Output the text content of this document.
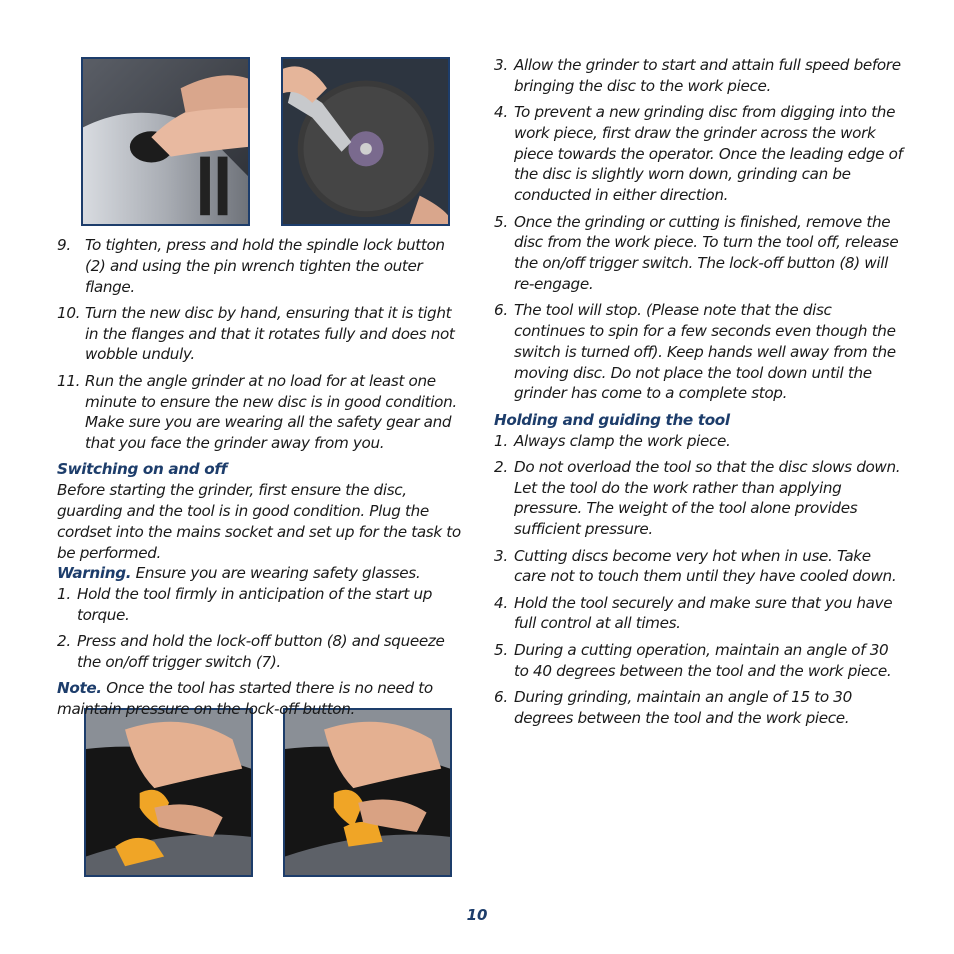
9. To tighten, press and hold the spindle lock button (2) and using the pin wrench tighten the outer flange.

10. Turn the new disc by hand, ensuring that it is tight in the flanges and that it rotates fully and does not wobble unduly.

11. Run the angle grinder at no load for at least one minute to ensure the new disc is in good condition. Make sure you are wearing all the safety gear and that you face the grinder away from you.

Switching on and off

Before starting the grinder, first ensure the disc, guarding and the tool is in good condition. Plug the cordset into the mains socket and set up for the task to be performed.

Warning. Ensure you are wearing safety glasses.

1. Hold the tool firmly in anticipation of the start up torque.

2. Press and hold the lock-off button (8) and squeeze the on/off trigger switch (7).

Note. Once the tool has started there is no need to maintain pressure on the lock-off button.

3. Allow the grinder to start and attain full speed before bringing the disc to the work piece.

4. To prevent a new grinding disc from digging into the work piece, first draw the grinder across the work piece towards the operator. Once the leading edge of the disc is slightly worn down, grinding can be conducted in either direction.

5. Once the grinding or cutting is finished, remove the disc from the work piece. To turn the tool off, release the on/off trigger switch. The lock-off button (8) will re-engage.

6. The tool will stop. (Please note that the disc continues to spin for a few seconds even though the switch is turned off). Keep hands well away from the moving disc. Do not place the tool down until the grinder has come to a complete stop.

Holding and guiding the tool

1. Always clamp the work piece.

2. Do not overload the tool so that the disc slows down. Let the tool do the work rather than applying pressure. The weight of the tool alone provides sufficient pressure.

3. Cutting discs become very hot when in use. Take care not to touch them until they have cooled down.

4. Hold the tool securely and make sure that you have full control at all times.

5. During a cutting operation, maintain an angle of 30 to 40 degrees between the tool and the work piece.

6. During grinding, maintain an angle of 15 to 30 degrees between the tool and the work piece.

10
